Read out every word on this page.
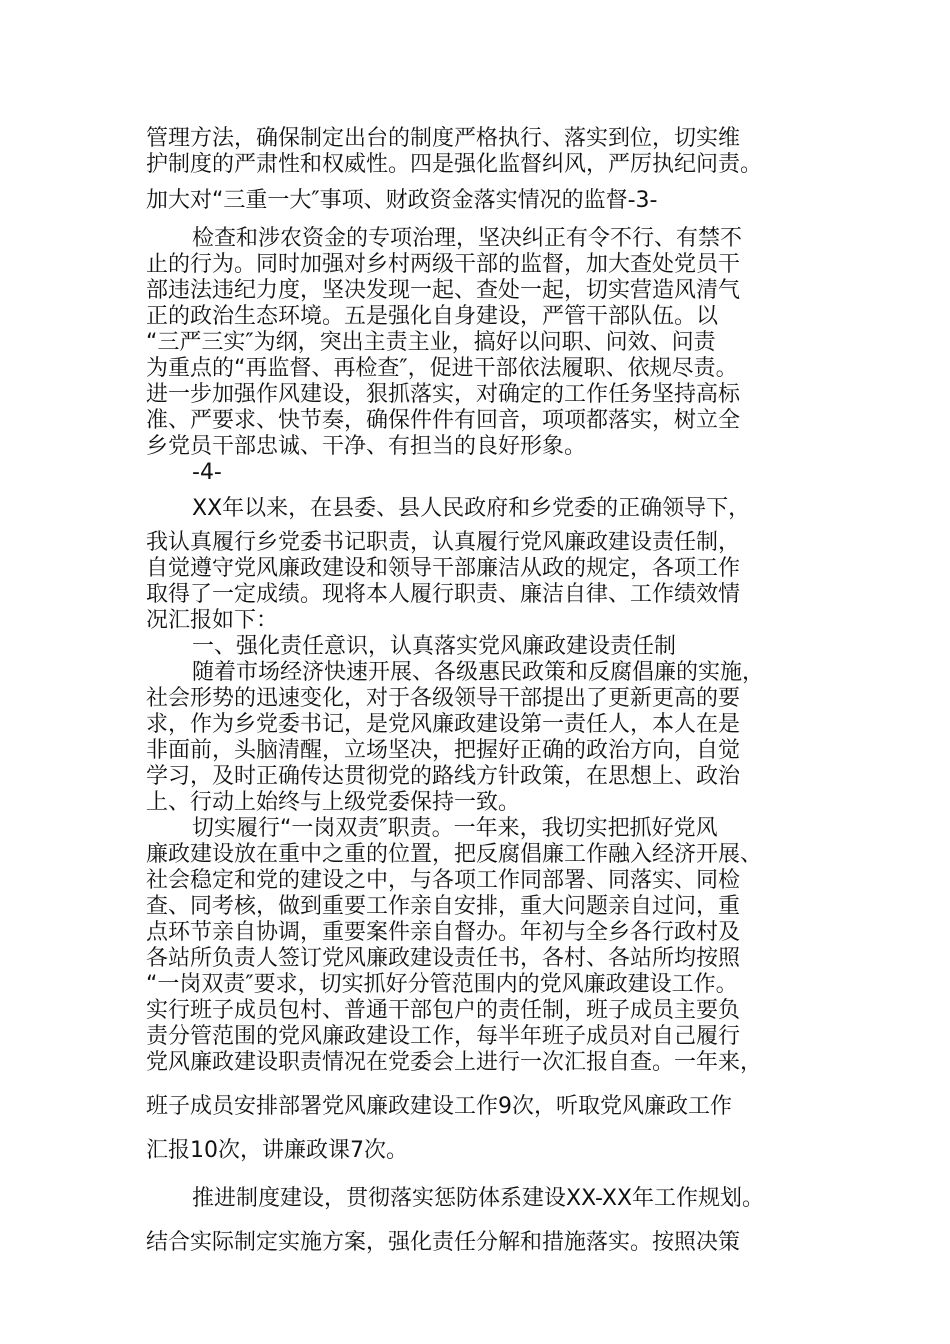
管理方法，确保制定出台的制度严格执行、落实到位，切实维

护制度的严肃性和权威性。四是强化监督纠风，严厉执纪问责。

加大对“三重一大″事项、财政资金落实情况的监督-3-

检查和涉农资金的专项治理，坚决纠正有令不行、有禁不

止的行为。同时加强对乡村两级干部的监督，加大查处党员干

部违法违纪力度，坚决发现一起、查处一起，切实营造风清气

正的政治生态环境。五是强化自身建设，严管干部队伍。以

“三严三实″为纲，突出主责主业，搞好以问职、问效、问责

为重点的“再监督、再检查″，促进干部依法履职、依规尽责。

进一步加强作风建设，狠抓落实，对确定的工作任务坚持高标

准、严要求、快节奏，确保件件有回音，项项都落实，树立全

乡党员干部忠诚、干净、有担当的良好形象。

-4-

XX年以来，在县委、县人民政府和乡党委的正确领导下，

我认真履行乡党委书记职责，认真履行党风廉政建设责任制，

自觉遵守党风廉政建设和领导干部廉洁从政的规定，各项工作

取得了一定成绩。现将本人履行职责、廉洁自律、工作绩效情

况汇报如下：

一、强化责任意识，认真落实党风廉政建设责任制

随着市场经济快速开展、各级惠民政策和反腐倡廉的实施，

社会形势的迅速变化，对于各级领导干部提出了更新更高的要

求，作为乡党委书记，是党风廉政建设第一责任人，本人在是

非面前，头脑清醒，立场坚决，把握好正确的政治方向，自觉

学习，及时正确传达贯彻党的路线方针政策，在思想上、政治

上、行动上始终与上级党委保持一致。

切实履行“一岗双责″职责。一年来，我切实把抓好党风

廉政建设放在重中之重的位置，把反腐倡廉工作融入经济开展、

社会稳定和党的建设之中，与各项工作同部署、同落实、同检

查、同考核，做到重要工作亲自安排，重大问题亲自过问，重

点环节亲自协调，重要案件亲自督办。年初与全乡各行政村及

各站所负责人签订党风廉政建设责任书，各村、各站所均按照

“一岗双责″要求，切实抓好分管范围内的党风廉政建设工作。

实行班子成员包村、普通干部包户的责任制，班子成员主要负

责分管范围的党风廉政建设工作，每半年班子成员对自己履行

党风廉政建设职责情况在党委会上进行一次汇报自查。一年来，

班子成员安排部署党风廉政建设工作9次，听取党风廉政工作

汇报10次，讲廉政课7次。

推进制度建设，贯彻落实惩防体系建设XX-XX年工作规划。

结合实际制定实施方案，强化责任分解和措施落实。按照决策
